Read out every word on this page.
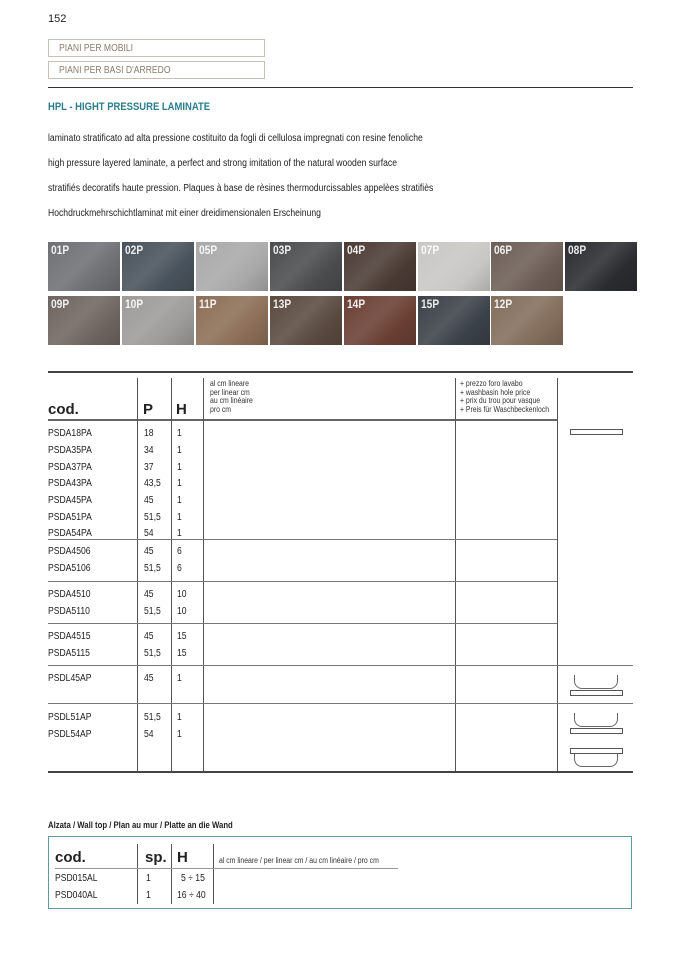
152
PIANI PER MOBILI
PIANI PER BASI D'ARREDO
HPL - HIGHT PRESSURE LAMINATE
laminato stratificato ad alta pressione costituito da fogli di cellulosa impregnati con resine fenoliche
high pressure layered laminate, a perfect and strong imitation of the natural wooden surface
stratifiés decoratifs haute pression. Plaques à base de rèsines thermodurcissables appelèes stratifiès
Hochdruckmehrschichtlaminat mit einer dreidimensionalen Erscheinung
Alzata / Wall top / Plan au mur / Platte an die Wand
01P	02P	05P	03P	04P	07P	06P	08P
09P	10P	11P	13P	14P	15P	12P
cod.	P H
al cm lineare
per linear cm
au cm linéaire
pro cm
+ prezzo foro lavabo
+ washbasin hole price
+ prix du trou pour vasque
+ Preis für Waschbeckenloch
PSDA18PA	18 1
PSDA35PA	34 1
PSDA37PA	37 1
PSDA43PA	43,5 1
PSDA45PA	45 1
PSDA51PA	51,5 1
PSDA54PA	54 1
PSDA4506	45 6
PSDA5106	51,5 6
PSDA4510	45 10
PSDA5110	51,5 10
PSDA4515	45 15
PSDA5115	51,5 15
PSDL45AP	45 1
PSDL51AP	51,5 1
PSDL54AP	54 1
cod.	sp. H	al cm lineare / per linear cm / au cm linéaire / pro cm
PSD015AL	1	5 ÷ 15
PSD040AL	1	16 ÷ 40
